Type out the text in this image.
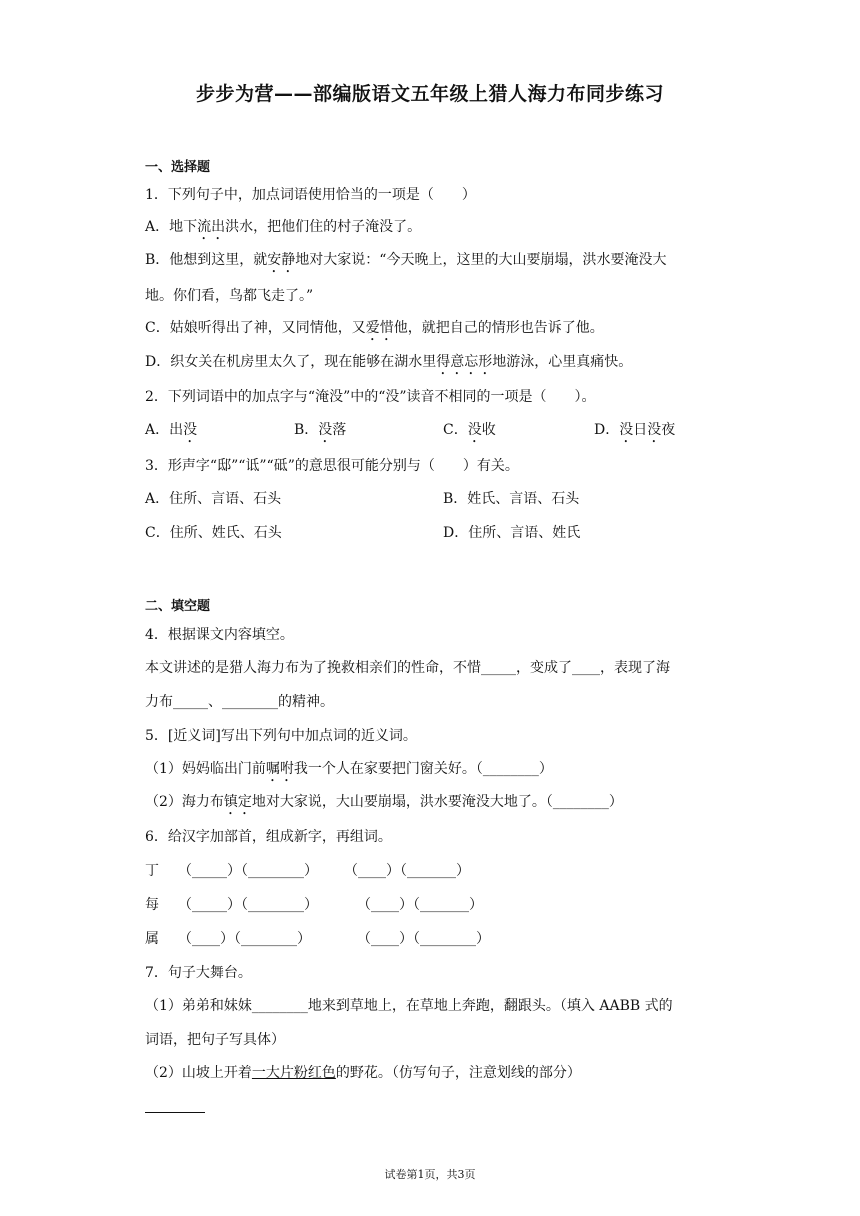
步步为营——部编版语文五年级上猎人海力布同步练习
一、选择题
1．下列句子中，加点词语使用恰当的一项是（　　）
A．地下流出洪水，把他们住的村子淹没了。
B．他想到这里，就安静地对大家说：“今天晚上，这里的大山要崩塌，洪水要淹没大
地。你们看，鸟都飞走了。”
C．姑娘听得出了神，又同情他，又爱惜他，就把自己的情形也告诉了他。
D．织女关在机房里太久了，现在能够在湖水里得意忘形地游泳，心里真痛快。
2．下列词语中的加点字与“淹没”中的“没”读音不相同的一项是（　　）。
A．出没	B．没落	C．没收	D．没日没夜
3．形声字“邸”“诋”“砥”的意思很可能分别与（　　）有关。
A．住所、言语、石头	B．姓氏、言语、石头
C．住所、姓氏、石头	D．住所、言语、姓氏
二、填空题
4．根据课文内容填空。
本文讲述的是猎人海力布为了挽救相亲们的性命，不惜_____，变成了____，表现了海
力布_____、________的精神。
5．[近义词]写出下列句中加点词的近义词。
（1）妈妈临出门前嘱咐我一个人在家要把门窗关好。（________）
（2）海力布镇定地对大家说，大山要崩塌，洪水要淹没大地了。（________）
6．给汉字加部首，组成新字，再组词。
丁 （_____）（________） （____）（_______）
每 （_____）（________）	（____）（_______）
属 （____）（________）	（____）（________）
7．句子大舞台。
（1）弟弟和妹妹________地来到草地上，在草地上奔跑，翻跟头。（填入 AABB 式的
词语，把句子写具体）
（2）山坡上开着一大片粉红色的野花。（仿写句子，注意划线的部分）
试卷第1页，共3页
